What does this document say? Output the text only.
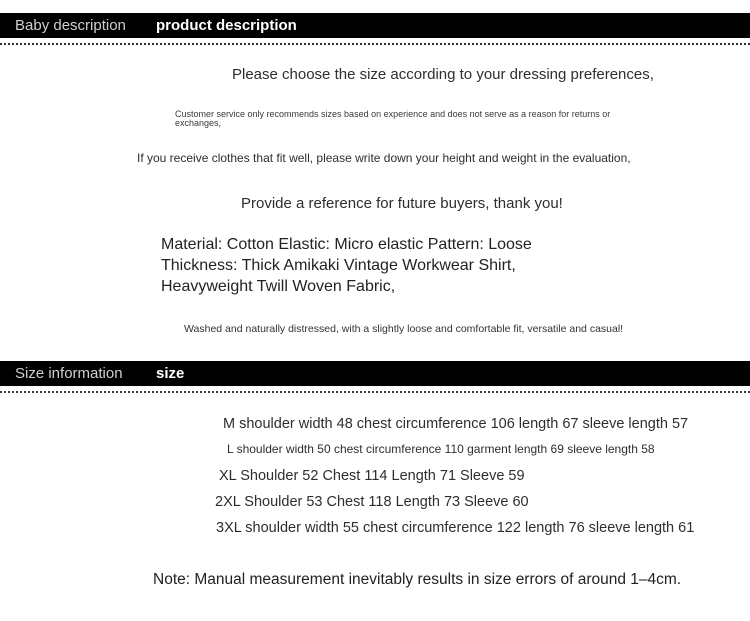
Baby description	product description
Please choose the size according to your dressing preferences,
Customer service only recommends sizes based on experience and does not serve as a reason for returns or
exchanges,
If you receive clothes that fit well, please write down your height and weight in the evaluation,
Provide a reference for future buyers, thank you!
Material: Cotton Elastic: Micro elastic Pattern: Loose
Thickness: Thick Amikaki Vintage Workwear Shirt,
Heavyweight Twill Woven Fabric,
Washed and naturally distressed, with a slightly loose and comfortable fit, versatile and casual!
Size information	size
M shoulder width 48 chest circumference 106 length 67 sleeve length 57
L shoulder width 50 chest circumference 110 garment length 69 sleeve length 58
XL Shoulder 52 Chest 114 Length 71 Sleeve 59
2XL Shoulder 53 Chest 118 Length 73 Sleeve 60
3XL shoulder width 55 chest circumference 122 length 76 sleeve length 61
Note: Manual measurement inevitably results in size errors of around 1–4cm.
